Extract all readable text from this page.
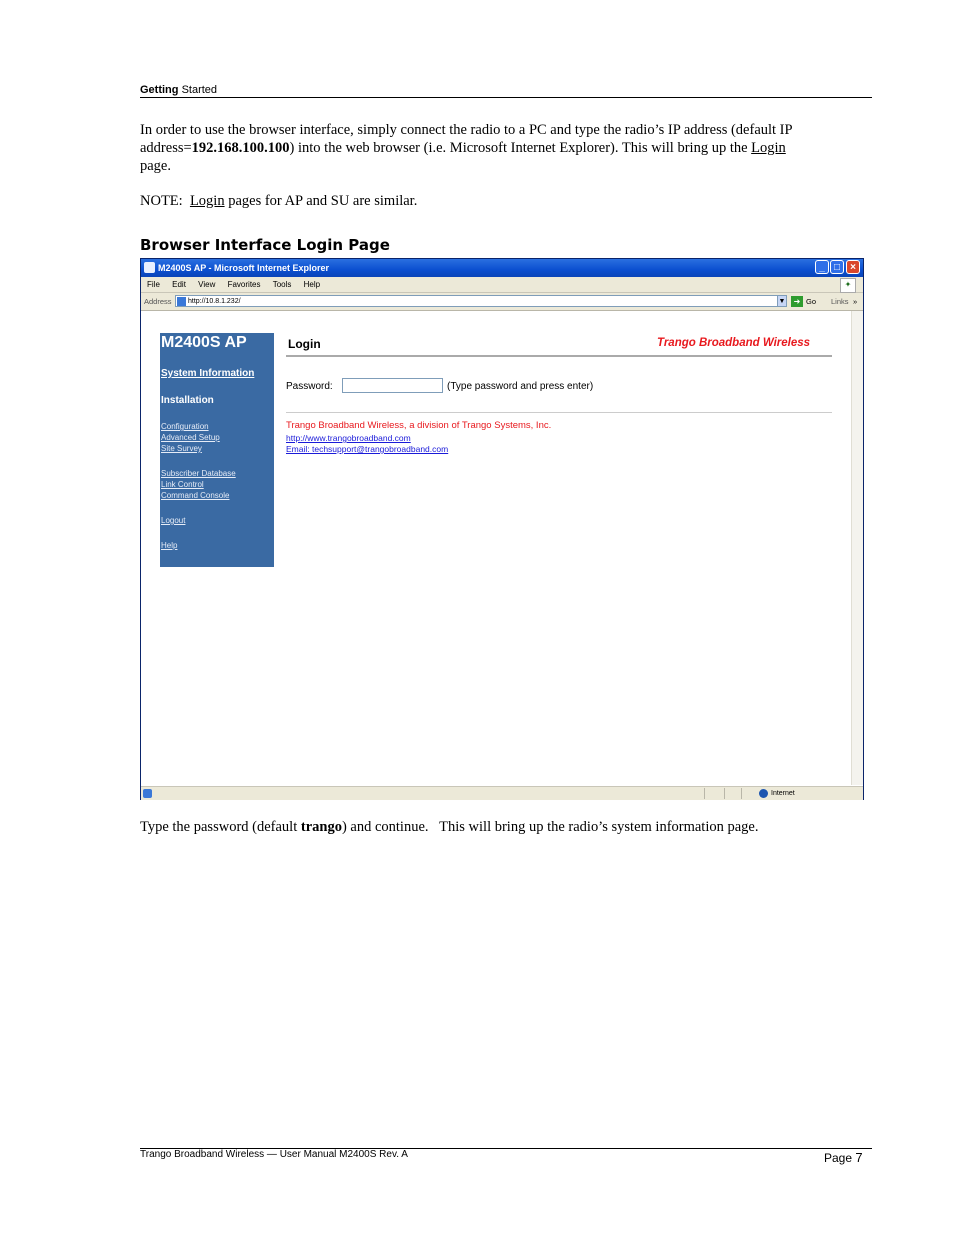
Getting Started
In order to use the browser interface, simply connect the radio to a PC and type the radio’s IP address (default IP
address=192.168.100.100) into the web browser (i.e. Microsoft Internet Explorer). This will bring up the Login
page.
NOTE:  Login pages for AP and SU are similar.
Browser Interface Login Page
M2400S AP - Microsoft Internet Explorer	_ □	×
File Edit View Favorites Tools Help	✦
Address	http://10.8.1.232/	▼	➜ Go Links »
M2400S AP
System Information
Installation
Configuration
Advanced Setup
Site Survey
Subscriber Database
Link Control
Command Console
Logout
Help
Login	Trango Broadband Wireless
Password:	(Type password and press enter)
Trango Broadband Wireless, a division of Trango Systems, Inc.
http://www.trangobroadband.com
Email: techsupport@trangobroadband.com
Internet
Type the password (default trango) and continue.   This will bring up the radio’s system information page.
Trango Broadband Wireless — User Manual M2400S Rev. A	Page 7
